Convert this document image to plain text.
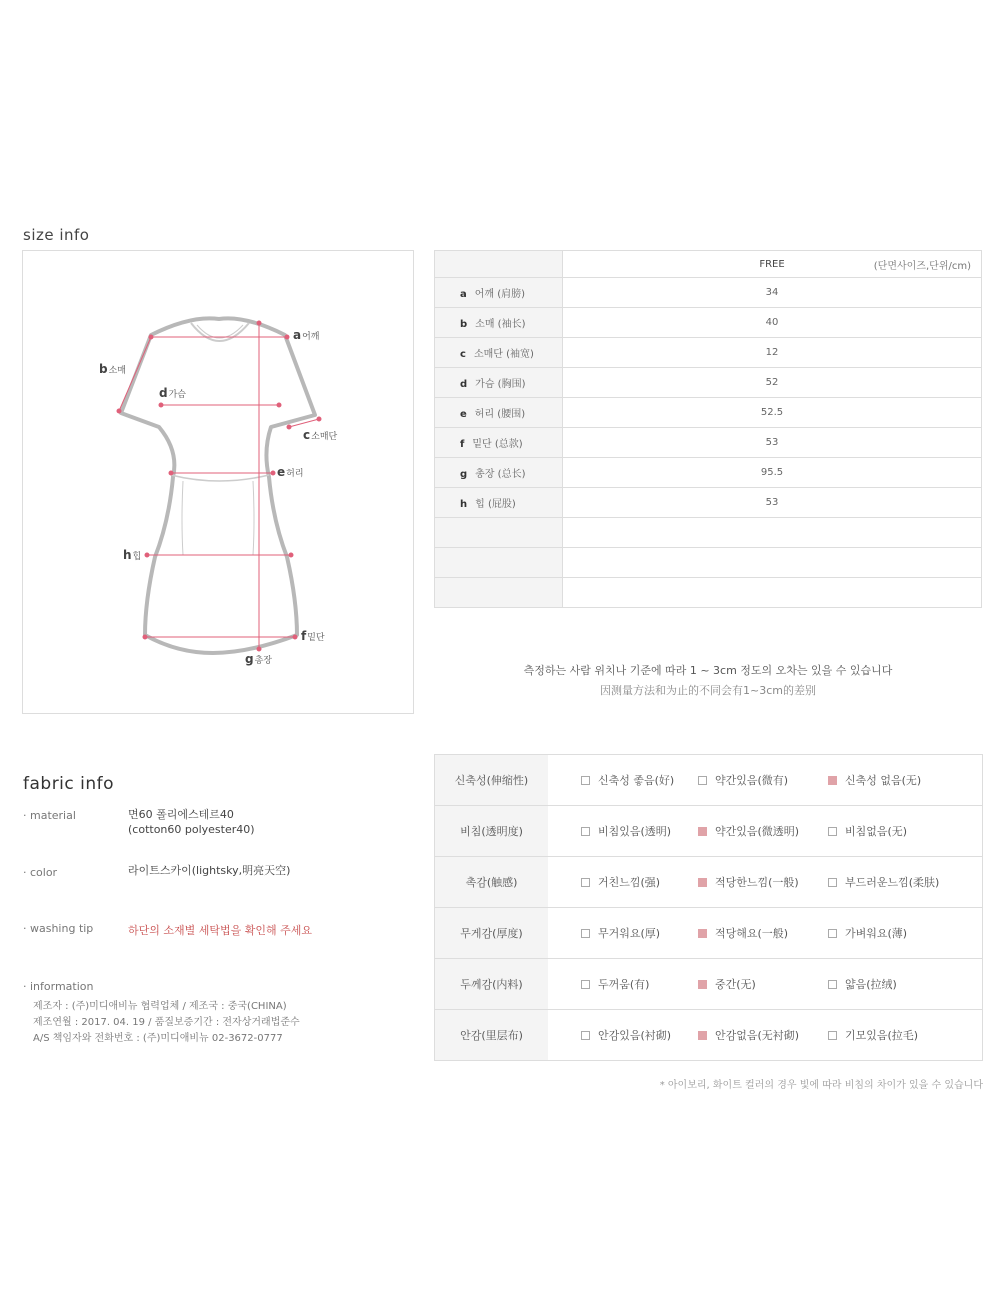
size info
a어깨
b소매
c소매단
d가슴
e허리
f밑단
g총장
h힙
	FREE (단면사이즈,단위/cm)

a 어깨 (肩膀)	34
b 소매 (袖长)	40
c 소매단 (袖宽)	12
d 가슴 (胸围)	52
e 허리 (腰围)	52.5
f 밑단 (总款)	53
g 총장 (总长)	95.5
h 힙 (屁股)	53

측정하는 사람 위치나 기준에 따라 1 ~ 3cm 정도의 오차는 있을 수 있습니다
因测量方法和为止的不同会有1~3cm的差别
fabric info
· material	면60 폴리에스테르40
(cotton60 polyester40)
· color	라이트스카이(lightsky,明亮天空)
· washing tip	하단의 소재별 세탁법을 확인해 주세요
· information
제조자 : (주)미디애비뉴 협력업체 / 제조국 : 중국(CHINA)
제조연월 : 2017. 04. 19 / 품질보증기간 : 전자상거래법준수
A/S 책임자와 전화번호 : (주)미디애비뉴 02-3672-0777
신축성(伸缩性)	신축성 좋음(好) 약간있음(微有) 신축성 없음(无)

비침(透明度)	비침있음(透明) 약간있음(微透明) 비침없음(无)

촉감(触感)	거친느낌(强) 적당한느낌(一般) 부드러운느낌(柔肤)

무게감(厚度)	무거워요(厚) 적당해요(一般) 가벼워요(薄)

두께감(内料)	두꺼움(有) 중간(无) 얇음(拉绒)

안감(里层布)	안감있음(衬砌) 안감없음(无衬砌) 기모있음(拉毛)
* 아이보리, 화이트 컬러의 경우 빛에 따라 비침의 차이가 있을 수 있습니다
